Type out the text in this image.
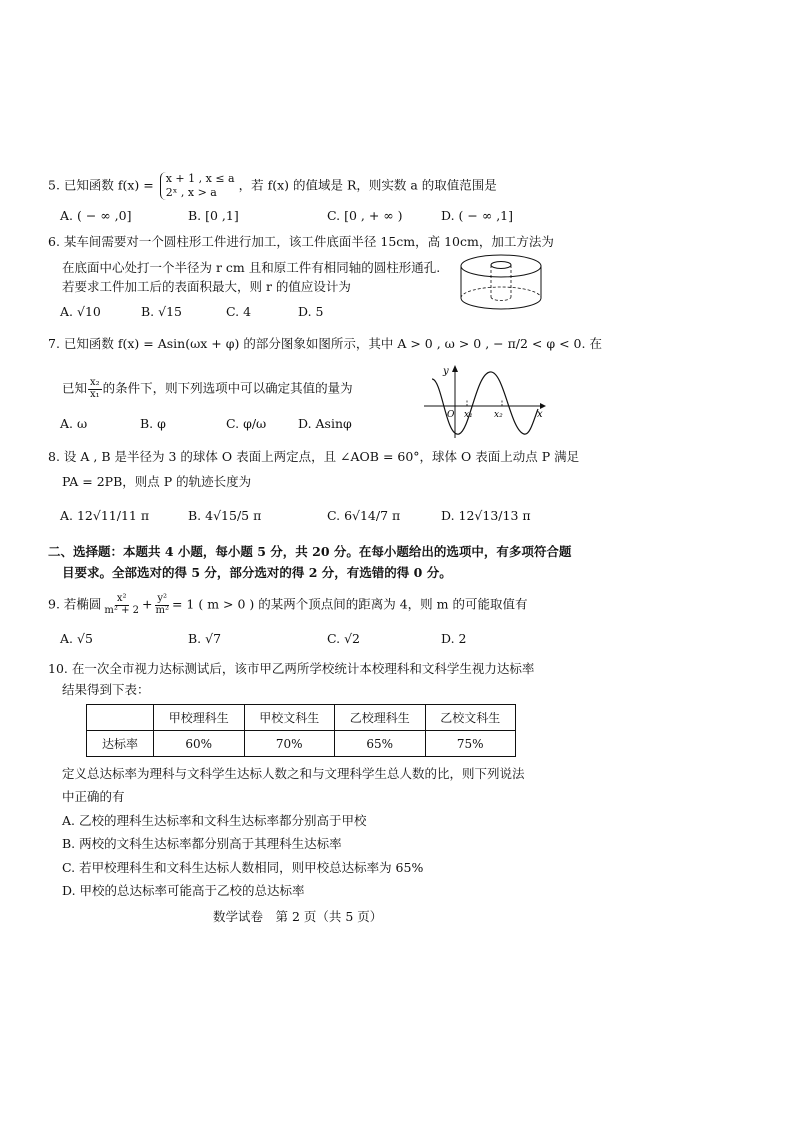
5. 已知函数 f(x) = x + 1 , x ≤ a
2ˣ , x > a	，若 f(x) 的值域是 R，则实数 a 的取值范围是
A. ( − ∞ ,0]	B. [0 ,1]	C. [0 , + ∞ )	D. ( − ∞ ,1]
6. 某车间需要对一个圆柱形工件进行加工，该工件底面半径 15cm，高 10cm，加工方法为
在底面中心处打一个半径为 r cm 且和原工件有相同轴的圆柱形通孔.
若要求工件加工后的表面积最大，则 r 的值应设计为
A. √10	B. √15	C. 4	D. 5
7. 已知函数 f(x) = Asin(ωx + φ) 的部分图象如图所示，其中 A > 0 , ω > 0 , − π/2 < φ < 0. 在
已知 $\frac{\text{x₂}}{\text{x₁}}$ 的条件下，则下列选项中可以确定其值的量为
A. ω	B. φ	C. φ/ω	D. Asinφ
y
x
O x₁ x₂
8. 设 A , B 是半径为 3 的球体 O 表面上两定点，且 ∠AOB = 60°，球体 O 表面上动点 P 满足
PA = 2PB，则点 P 的轨迹长度为
A. 12√11/11 π	B. 4√15/5 π	C. 6√14/7 π	D. 12√13/13 π
二、选择题：本题共 4 小题，每小题 5 分，共 20 分。在每小题给出的选项中，有多项符合题
目要求。全部选对的得 5 分，部分选对的得 2 分，有选错的得 0 分。
9. 若椭圆 $\frac{\text{x²}}{\text{m² + 2}} + \frac{\text{y²}}{\text{m²}} = 1$ ( m > 0 ) 的某两个顶点间的距离为 4，则 m 的可能取值有
A. √5	B. √7	C. √2	D. 2
10. 在一次全市视力达标测试后，该市甲乙两所学校统计本校理科和文科学生视力达标率
结果得到下表：
	甲校理科生	甲校文科生	乙校理科生	乙校文科生
达标率	60%	70%	65%	75%
定义总达标率为理科与文科学生达标人数之和与文理科学生总人数的比，则下列说法
中正确的有
A. 乙校的理科生达标率和文科生达标率都分别高于甲校
B. 两校的文科生达标率都分别高于其理科生达标率
C. 若甲校理科生和文科生达标人数相同，则甲校总达标率为 65%
D. 甲校的总达标率可能高于乙校的总达标率
数学试卷　第 2 页（共 5 页）
